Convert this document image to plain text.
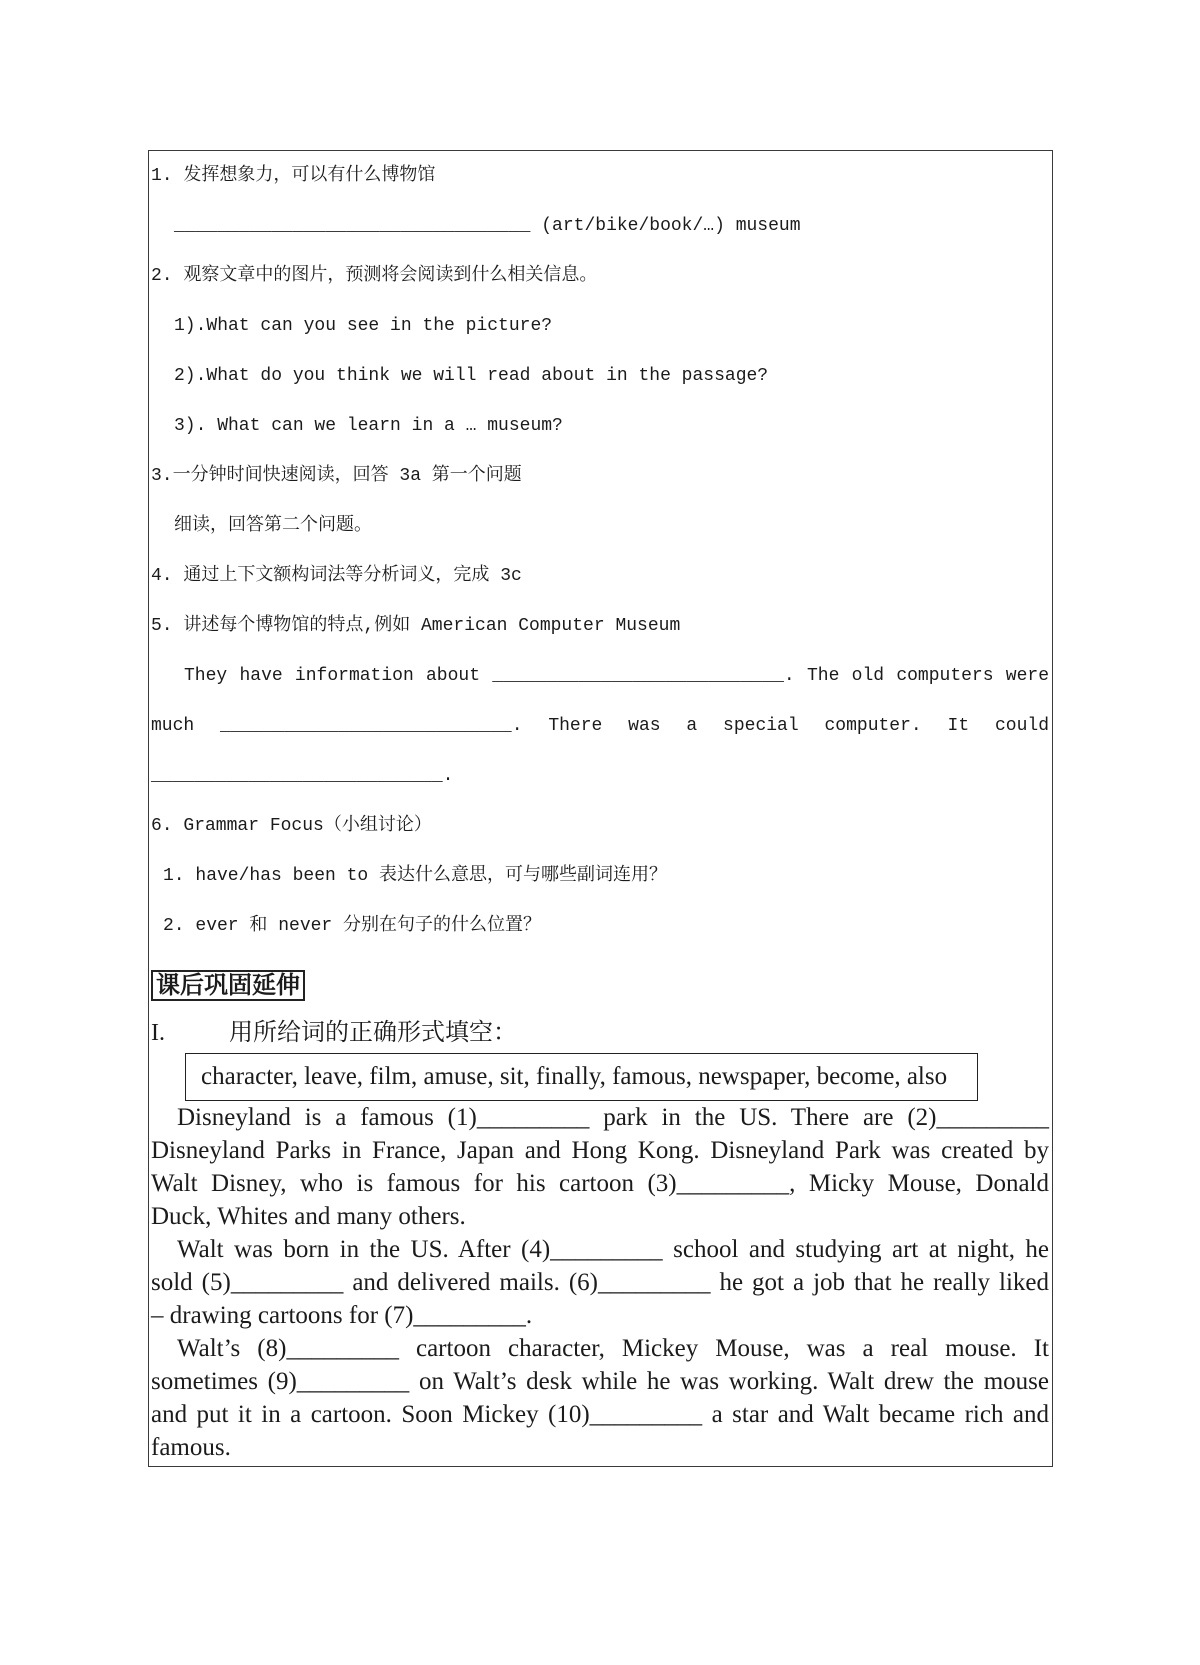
1. 发挥想象力，可以有什么博物馆
_________________________________ (art/bike/book/…) museum
2. 观察文章中的图片，预测将会阅读到什么相关信息。
1).What can you see in the picture?
2).What do you think we will read about in the passage?
3). What can we learn in a … museum?
3.一分钟时间快速阅读，回答 3a 第一个问题
细读，回答第二个问题。
4. 通过上下文额构词法等分析词义，完成 3c
5. 讲述每个博物馆的特点,例如 American Computer Museum
They have information about ___________________________. The old computers were
much ___________________________. There was a special computer. It could
___________________________.
6. Grammar Focus（小组讨论）
1. have/has been to 表达什么意思，可与哪些副词连用？
2. ever 和 never 分别在句子的什么位置？
课后巩固延伸
I.	用所给词的正确形式填空：
character, leave, film, amuse, sit, finally, famous, newspaper, become, also
Disneyland is a famous (1)_________ park in the US. There are (2)_________
Disneyland Parks in France, Japan and Hong Kong. Disneyland Park was created by
Walt Disney, who is famous for his cartoon (3)_________, Micky Mouse, Donald
Duck, Whites and many others.
Walt was born in the US. After (4)_________ school and studying art at night, he
sold (5)_________ and delivered mails. (6)_________ he got a job that he really liked
– drawing cartoons for (7)_________.
Walt’s (8)_________ cartoon character, Mickey Mouse, was a real mouse. It
sometimes (9)_________ on Walt’s desk while he was working. Walt drew the mouse
and put it in a cartoon. Soon Mickey (10)_________ a star and Walt became rich and
famous.
